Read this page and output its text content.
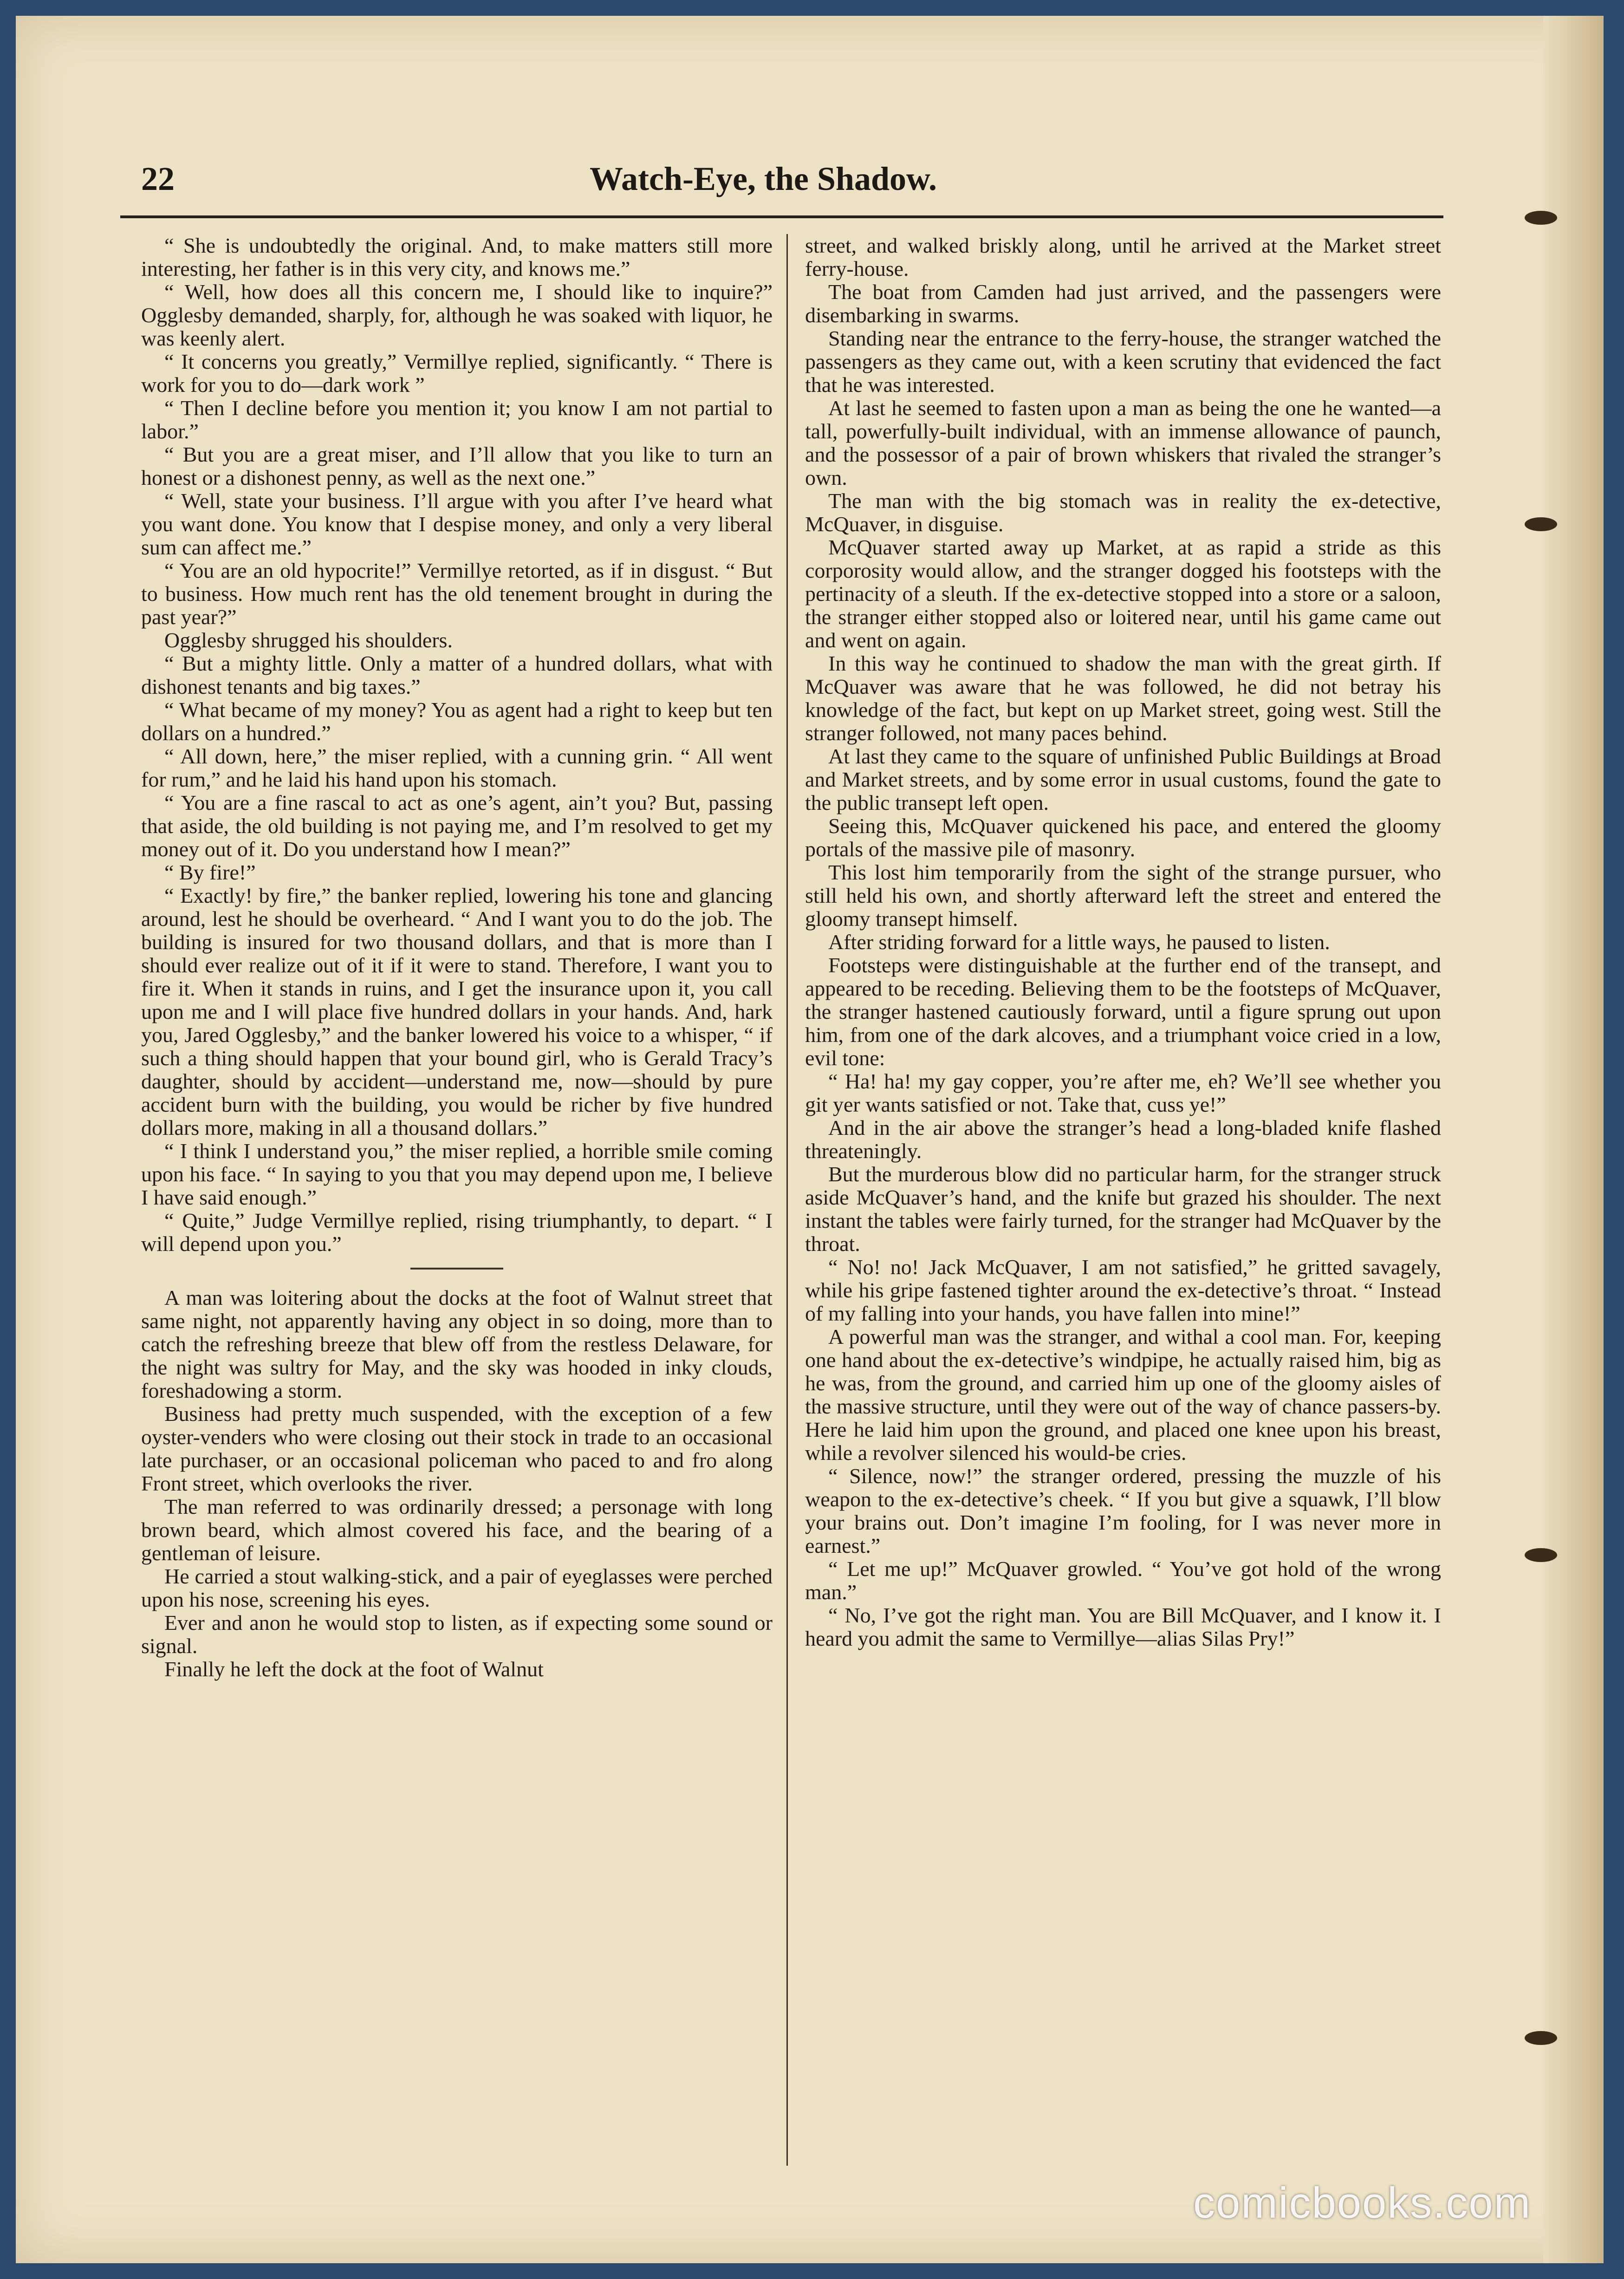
22	Watch-Eye, the Shadow.

“ She is undoubtedly the original. And, to make matters still more interesting, her father is in this very city, and knows me.”

“ Well, how does all this concern me, I should like to inquire?” Ogglesby demanded, sharply, for, although he was soaked with liquor, he was keenly alert.

“ It concerns you greatly,” Vermillye replied, significantly. “ There is work for you to do—dark work ”

“ Then I decline before you mention it; you know I am not partial to labor.”

“ But you are a great miser, and I’ll allow that you like to turn an honest or a dishonest penny, as well as the next one.”

“ Well, state your business. I’ll argue with you after I’ve heard what you want done. You know that I despise money, and only a very liberal sum can affect me.”

“ You are an old hypocrite!” Vermillye retorted, as if in disgust. “ But to business. How much rent has the old tenement brought in during the past year?”

Ogglesby shrugged his shoulders.

“ But a mighty little. Only a matter of a hundred dollars, what with dishonest tenants and big taxes.”

“ What became of my money? You as agent had a right to keep but ten dollars on a hundred.”

“ All down, here,” the miser replied, with a cunning grin. “ All went for rum,” and he laid his hand upon his stomach.

“ You are a fine rascal to act as one’s agent, ain’t you? But, passing that aside, the old building is not paying me, and I’m resolved to get my money out of it. Do you understand how I mean?”

“ By fire!”

“ Exactly! by fire,” the banker replied, lowering his tone and glancing around, lest he should be overheard. “ And I want you to do the job. The building is insured for two thousand dollars, and that is more than I should ever realize out of it if it were to stand. Therefore, I want you to fire it. When it stands in ruins, and I get the insurance upon it, you call upon me and I will place five hundred dollars in your hands. And, hark you, Jared Ogglesby,” and the banker lowered his voice to a whisper, “ if such a thing should happen that your bound girl, who is Gerald Tracy’s daughter, should by accident—understand me, now—should by pure accident burn with the building, you would be richer by five hundred dollars more, making in all a thousand dollars.”

“ I think I understand you,” the miser replied, a horrible smile coming upon his face. “ In saying to you that you may depend upon me, I believe I have said enough.”

“ Quite,” Judge Vermillye replied, rising triumphantly, to depart. “ I will depend upon you.”

A man was loitering about the docks at the foot of Walnut street that same night, not apparently having any object in so doing, more than to catch the refreshing breeze that blew off from the restless Delaware, for the night was sultry for May, and the sky was hooded in inky clouds, foreshadowing a storm.

Business had pretty much suspended, with the exception of a few oyster-venders who were closing out their stock in trade to an occasional late purchaser, or an occasional policeman who paced to and fro along Front street, which overlooks the river.

The man referred to was ordinarily dressed; a personage with long brown beard, which almost covered his face, and the bearing of a gentleman of leisure.

He carried a stout walking-stick, and a pair of eyeglasses were perched upon his nose, screening his eyes.

Ever and anon he would stop to listen, as if expecting some sound or signal.

Finally he left the dock at the foot of Walnut

street, and walked briskly along, until he arrived at the Market street ferry-house.

The boat from Camden had just arrived, and the passengers were disembarking in swarms.

Standing near the entrance to the ferry-house, the stranger watched the passengers as they came out, with a keen scrutiny that evidenced the fact that he was interested.

At last he seemed to fasten upon a man as being the one he wanted—a tall, powerfully-built individual, with an immense allowance of paunch, and the possessor of a pair of brown whiskers that rivaled the stranger’s own.

The man with the big stomach was in reality the ex-detective, McQuaver, in disguise.

McQuaver started away up Market, at as rapid a stride as this corporosity would allow, and the stranger dogged his footsteps with the pertinacity of a sleuth. If the ex-detective stopped into a store or a saloon, the stranger either stopped also or loitered near, until his game came out and went on again.

In this way he continued to shadow the man with the great girth. If McQuaver was aware that he was followed, he did not betray his knowledge of the fact, but kept on up Market street, going west. Still the stranger followed, not many paces behind.

At last they came to the square of unfinished Public Buildings at Broad and Market streets, and by some error in usual customs, found the gate to the public transept left open.

Seeing this, McQuaver quickened his pace, and entered the gloomy portals of the massive pile of masonry.

This lost him temporarily from the sight of the strange pursuer, who still held his own, and shortly afterward left the street and entered the gloomy transept himself.

After striding forward for a little ways, he paused to listen.

Footsteps were distinguishable at the further end of the transept, and appeared to be receding. Believing them to be the footsteps of McQuaver, the stranger hastened cautiously forward, until a figure sprung out upon him, from one of the dark alcoves, and a triumphant voice cried in a low, evil tone:

“ Ha! ha! my gay copper, you’re after me, eh? We’ll see whether you git yer wants satisfied or not. Take that, cuss ye!”

And in the air above the stranger’s head a long-bladed knife flashed threateningly.

But the murderous blow did no particular harm, for the stranger struck aside McQuaver’s hand, and the knife but grazed his shoulder. The next instant the tables were fairly turned, for the stranger had McQuaver by the throat.

“ No! no! Jack McQuaver, I am not satisfied,” he gritted savagely, while his gripe fastened tighter around the ex-detective’s throat. “ Instead of my falling into your hands, you have fallen into mine!”

A powerful man was the stranger, and withal a cool man. For, keeping one hand about the ex-detective’s windpipe, he actually raised him, big as he was, from the ground, and carried him up one of the gloomy aisles of the massive structure, until they were out of the way of chance passers-by. Here he laid him upon the ground, and placed one knee upon his breast, while a revolver silenced his would-be cries.

“ Silence, now!” the stranger ordered, pressing the muzzle of his weapon to the ex-detective’s cheek. “ If you but give a squawk, I’ll blow your brains out. Don’t imagine I’m fooling, for I was never more in earnest.”

“ Let me up!” McQuaver growled. “ You’ve got hold of the wrong man.”

“ No, I’ve got the right man. You are Bill McQuaver, and I know it. I heard you admit the same to Vermillye—alias Silas Pry!”

comicbooks.com
